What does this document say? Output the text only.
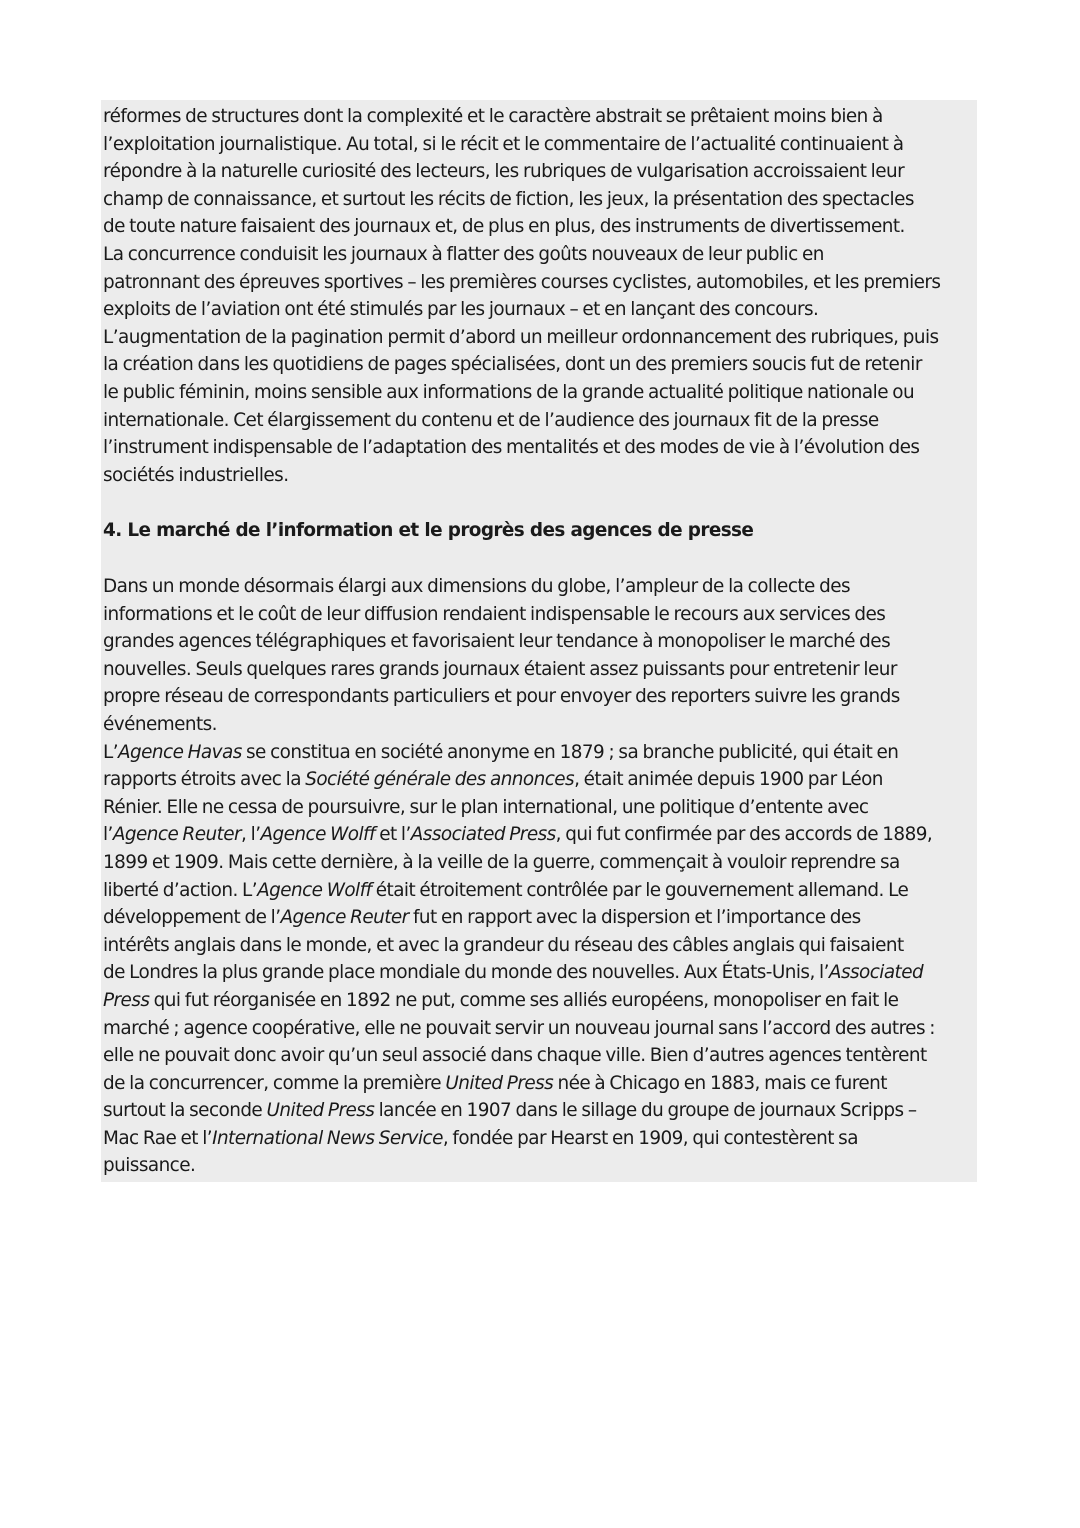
réformes de structures dont la complexité et le caractère abstrait se prêtaient moins bien à
l’exploitation journalistique. Au total, si le récit et le commentaire de l’actualité continuaient à
répondre à la naturelle curiosité des lecteurs, les rubriques de vulgarisation accroissaient leur
champ de connaissance, et surtout les récits de fiction, les jeux, la présentation des spectacles
de toute nature faisaient des journaux et, de plus en plus, des instruments de divertissement.
La concurrence conduisit les journaux à flatter des goûts nouveaux de leur public en
patronnant des épreuves sportives – les premières courses cyclistes, automobiles, et les premiers
exploits de l’aviation ont été stimulés par les journaux – et en lançant des concours.
L’augmentation de la pagination permit d’abord un meilleur ordonnancement des rubriques, puis
la création dans les quotidiens de pages spécialisées, dont un des premiers soucis fut de retenir
le public féminin, moins sensible aux informations de la grande actualité politique nationale ou
internationale. Cet élargissement du contenu et de l’audience des journaux fit de la presse
l’instrument indispensable de l’adaptation des mentalités et des modes de vie à l’évolution des
sociétés industrielles.
4. Le marché de l’information et le progrès des agences de presse
Dans un monde désormais élargi aux dimensions du globe, l’ampleur de la collecte des
informations et le coût de leur diffusion rendaient indispensable le recours aux services des
grandes agences télégraphiques et favorisaient leur tendance à monopoliser le marché des
nouvelles. Seuls quelques rares grands journaux étaient assez puissants pour entretenir leur
propre réseau de correspondants particuliers et pour envoyer des reporters suivre les grands
événements.
L’Agence Havas se constitua en société anonyme en 1879 ; sa branche publicité, qui était en
rapports étroits avec la Société générale des annonces, était animée depuis 1900 par Léon
Rénier. Elle ne cessa de poursuivre, sur le plan international, une politique d’entente avec
l’Agence Reuter, l’Agence Wolff et l’Associated Press, qui fut confirmée par des accords de 1889,
1899 et 1909. Mais cette dernière, à la veille de la guerre, commençait à vouloir reprendre sa
liberté d’action. L’Agence Wolff était étroitement contrôlée par le gouvernement allemand. Le
développement de l’Agence Reuter fut en rapport avec la dispersion et l’importance des
intérêts anglais dans le monde, et avec la grandeur du réseau des câbles anglais qui faisaient
de Londres la plus grande place mondiale du monde des nouvelles. Aux États-Unis, l’Associated
Press qui fut réorganisée en 1892 ne put, comme ses alliés européens, monopoliser en fait le
marché ; agence coopérative, elle ne pouvait servir un nouveau journal sans l’accord des autres :
elle ne pouvait donc avoir qu’un seul associé dans chaque ville. Bien d’autres agences tentèrent
de la concurrencer, comme la première United Press née à Chicago en 1883, mais ce furent
surtout la seconde United Press lancée en 1907 dans le sillage du groupe de journaux Scripps –
Mac Rae et l’International News Service, fondée par Hearst en 1909, qui contestèrent sa
puissance.
